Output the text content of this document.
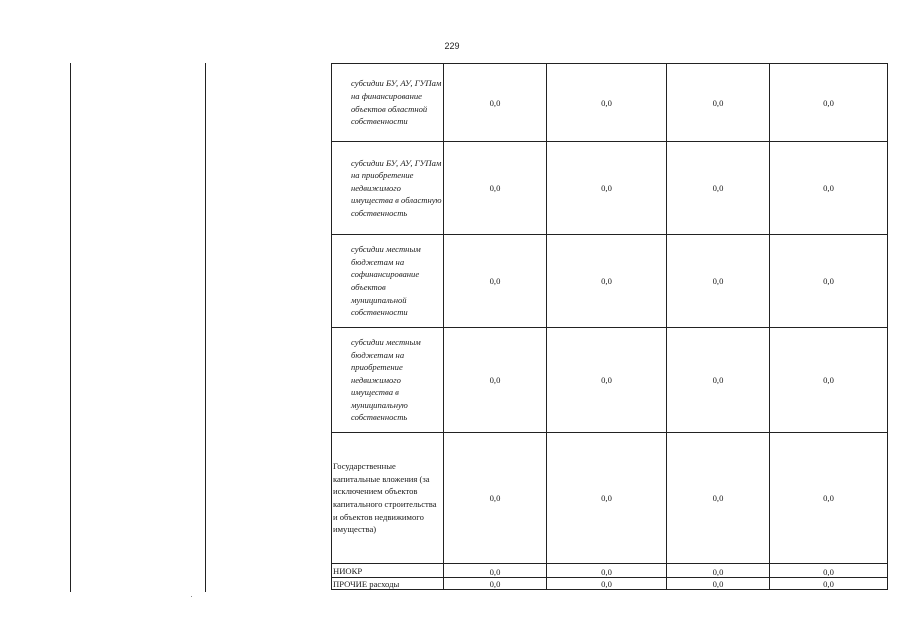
229
субсидии БУ, АУ, ГУПам на финансирование объектов областной собственности	0,0	0,0	0,0	0,0
субсидии БУ, АУ, ГУПам на приобретение недвижимого имущества в областную собственность	0,0	0,0	0,0	0,0
субсидии местным бюджетам на софинансирование объектов муниципальной собственности	0,0	0,0	0,0	0,0
субсидии местным бюджетам на приобретение недвижимого имущества в муниципальную собственность	0,0	0,0	0,0	0,0
Государственные капитальные вложения (за исключением объектов капитального строительства и объектов недвижимого имущества)	0,0	0,0	0,0	0,0
НИОКР	0,0	0,0	0,0	0,0
ПРОЧИЕ расходы	0,0	0,0	0,0	0,0
